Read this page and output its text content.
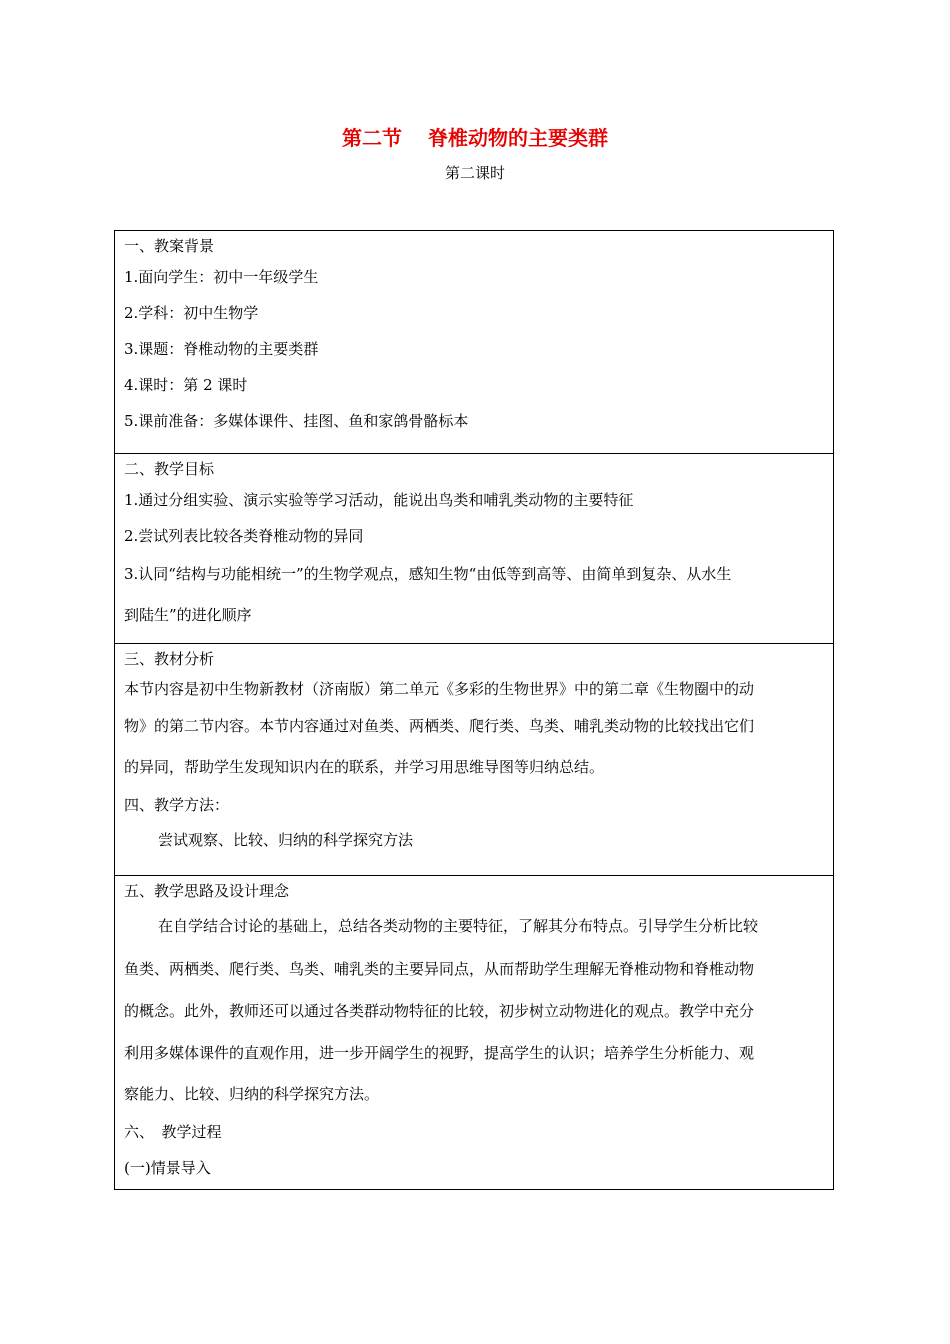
第二节 脊椎动物的主要类群
第二课时
一、教案背景
1.面向学生：初中一年级学生
2.学科：初中生物学
3.课题：脊椎动物的主要类群
4.课时：第 2 课时
5.课前准备：多媒体课件、挂图、鱼和家鸽骨骼标本
二、教学目标
1.通过分组实验、演示实验等学习活动，能说出鸟类和哺乳类动物的主要特征
2.尝试列表比较各类脊椎动物的异同
3.认同“结构与功能相统一”的生物学观点，感知生物“由低等到高等、由简单到复杂、从水生
到陆生”的进化顺序
三、教材分析
本节内容是初中生物新教材（济南版）第二单元《多彩的生物世界》中的第二章《生物圈中的动
物》的第二节内容。本节内容通过对鱼类、两栖类、爬行类、鸟类、哺乳类动物的比较找出它们
的异同，帮助学生发现知识内在的联系，并学习用思维导图等归纳总结。
四、教学方法：
尝试观察、比较、归纳的科学探究方法
五、教学思路及设计理念
在自学结合讨论的基础上，总结各类动物的主要特征，了解其分布特点。引导学生分析比较
鱼类、两栖类、爬行类、鸟类、哺乳类的主要异同点，从而帮助学生理解无脊椎动物和脊椎动物
的概念。此外，教师还可以通过各类群动物特征的比较，初步树立动物进化的观点。教学中充分
利用多媒体课件的直观作用，进一步开阔学生的视野，提高学生的认识；培养学生分析能力、观
察能力、比较、归纳的科学探究方法。
六、　教学过程
(一)情景导入
